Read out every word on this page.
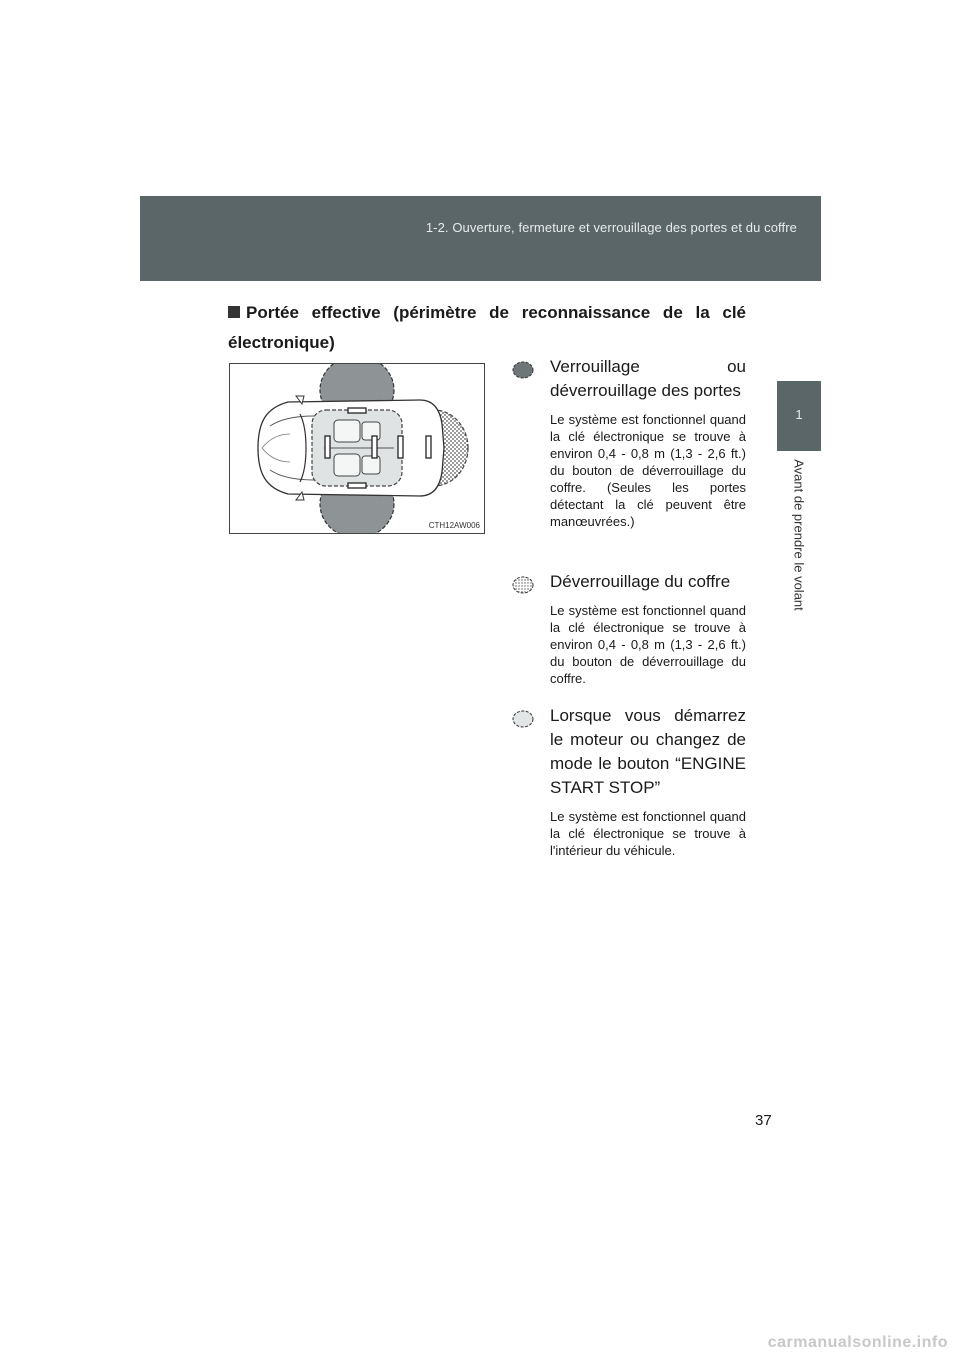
1-2. Ouverture, fermeture et verrouillage des portes et du coffre
1
Avant de prendre le volant
Portée effective (périmètre de reconnaissance de la clé électronique)
CTH12AW006
Verrouillage ou déverrouillage des portes
Le système est fonctionnel quand la clé électronique se trouve à environ 0,4 - 0,8 m (1,3 - 2,6 ft.) du bouton de déverrouillage du coffre. (Seules les portes détectant la clé peuvent être manœuvrées.)
Déverrouillage du coffre
Le système est fonctionnel quand la clé électronique se trouve à environ 0,4 - 0,8 m (1,3 - 2,6 ft.) du bouton de déverrouillage du coffre.
Lorsque vous démarrez le moteur ou changez de mode le bouton “ENGINE START STOP”
Le système est fonctionnel quand la clé électronique se trouve à l'intérieur du véhicule.
37
carmanualsonline.info
